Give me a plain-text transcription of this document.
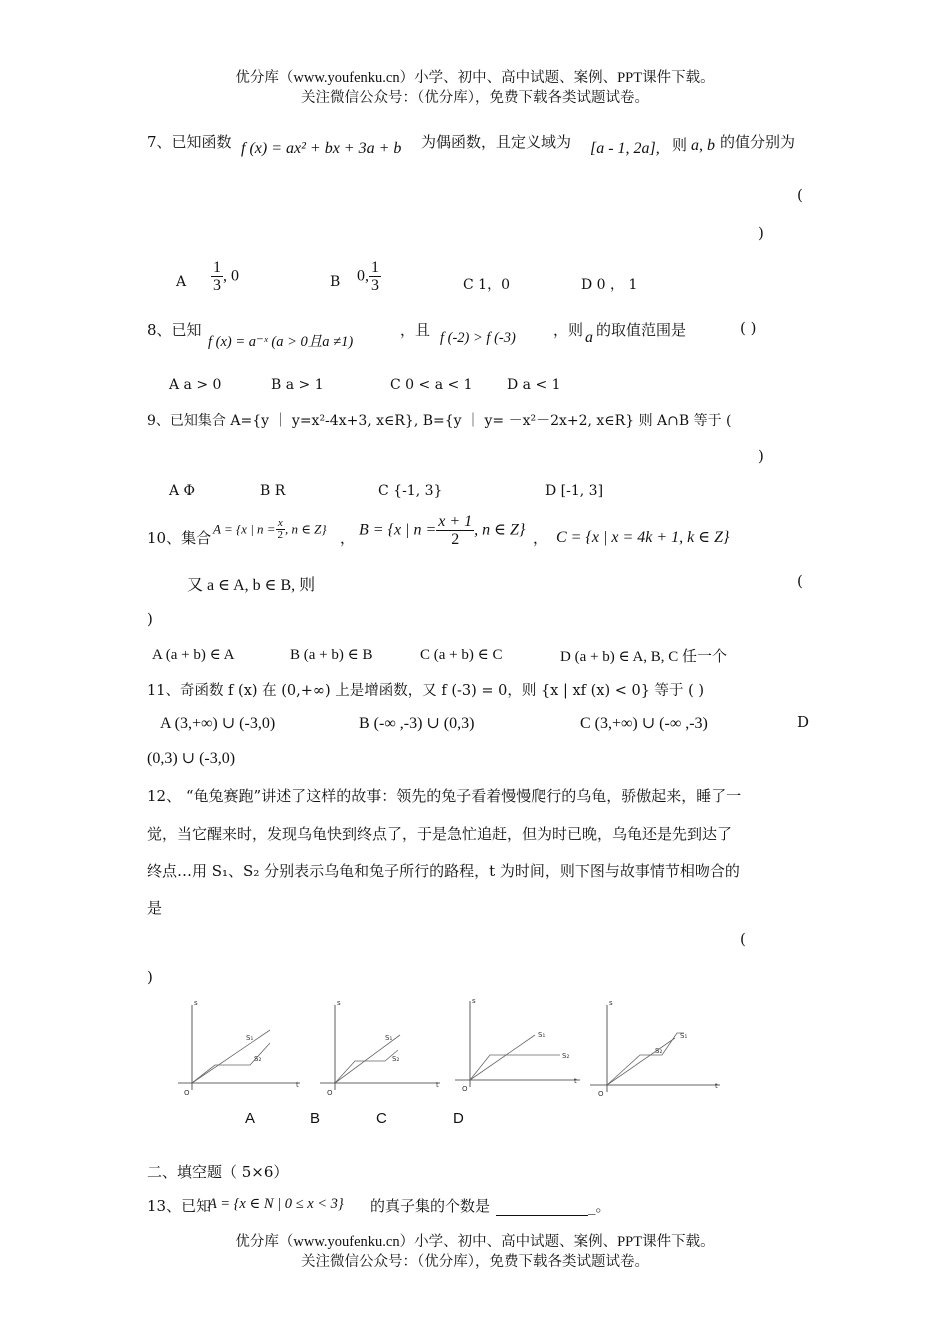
优分库（www.youfenku.cn）小学、初中、高中试题、案例、PPT课件下载。
关注微信公众号：（优分库），免费下载各类试题试卷。
7、已知函数 f (x) = ax² + bx + 3a + b 为偶函数，且定义域为 [a - 1, 2a], 则 a, b 的值分别为
(
)
A $\frac{1}{3}$ , 0	B 0, $\frac{1}{3}$	C 1，0	D 0 ， 1
8、已知
f (x) = a⁻ˣ (a > 0且a ≠1)
，且 f (-2) > f (-3) ，则 a 的取值范围是	( )
A a > 0	B a > 1	C 0 < a < 1 D a < 1
9、已知集合 A={y ｜ y=x²-4x+3, x∈R}, B={y ｜ y= －x²－2x+2, x∈R} 则 A∩B 等于 (
)
A Φ	B R	C {-1, 3}	D [-1, 3]
10、集合 A = {x | $n = \frac{x}{2}$ , n ∈ Z} ， B = {x | $n = \frac{x + 1}{2}$ , n ∈ Z} ， C = {x | x = 4k + 1, k ∈ Z}
又 a ∈ A, b ∈ B, 则	(
)
A (a + b) ∈ A	B (a + b) ∈ B	C (a + b) ∈ C	D (a + b) ∈ A, B, C 任一个
11、奇函数 f (x) 在 (0,+∞) 上是增函数，又 f (-3) = 0，则 {x | xf (x) < 0} 等于 ( )
A (3,+∞) ∪ (-3,0)	B (-∞ ,-3) ∪ (0,3)	C (3,+∞) ∪ (-∞ ,-3)	D
(0,3) ∪ (-3,0)
12、 “龟兔赛跑”讲述了这样的故事：领先的兔子看着慢慢爬行的乌龟，骄傲起来，睡了一
觉，当它醒来时，发现乌龟快到终点了，于是急忙追赶，但为时已晚，乌龟还是先到达了
终点…用 S₁、S₂ 分别表示乌龟和兔子所行的路程，t 为时间，则下图与故事情节相吻合的
是
(
)
s
t
O
S₁
S₂
s
t
O
S₁
S₂
s
t
O
S₁
S₂
s
t
O
S₁
S₂
A	B	C	D
二、填空题（ 5×6）
13、已知
A = {x ∈ N | 0 ≤ x < 3} 的真子集的个数是	_。
优分库（www.youfenku.cn）小学、初中、高中试题、案例、PPT课件下载。
关注微信公众号：（优分库），免费下载各类试题试卷。
